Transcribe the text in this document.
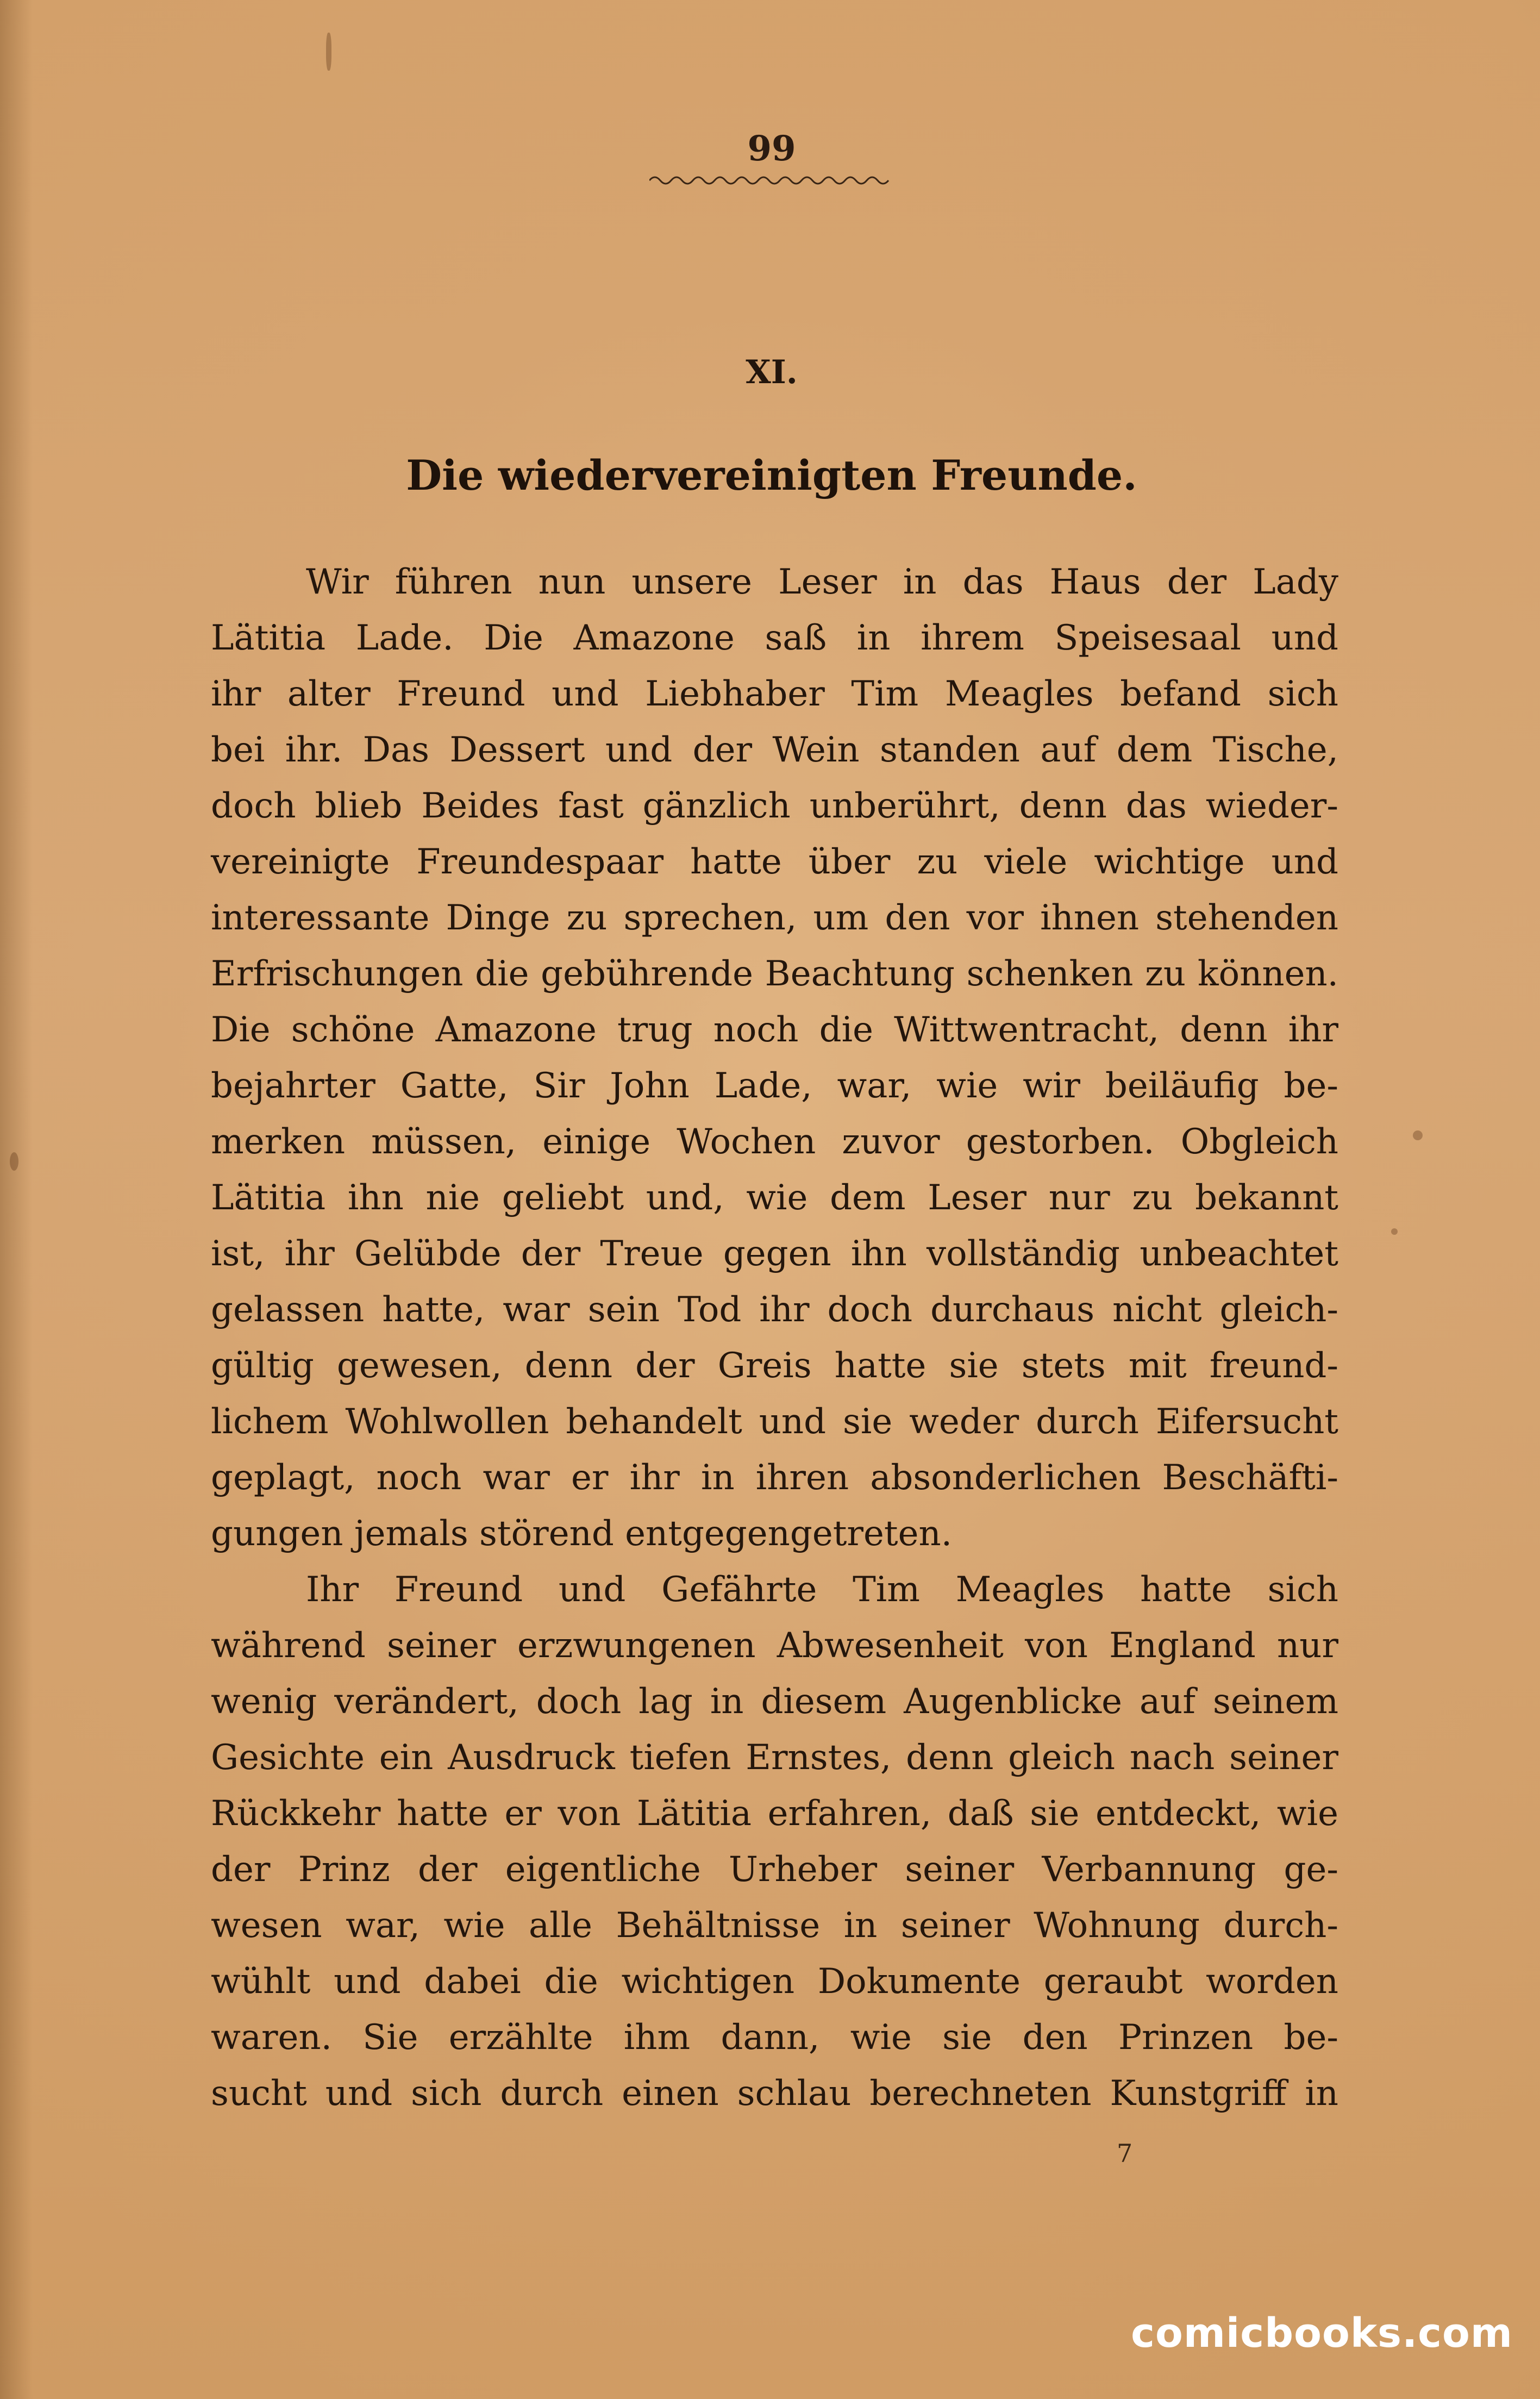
99
XI.
Die wiedervereinigten Freunde.
Wir führen nun unsere Leser in das Haus der Lady
Lätitia Lade. Die Amazone saß in ihrem Speisesaal und
ihr alter Freund und Liebhaber Tim Meagles befand sich
bei ihr. Das Dessert und der Wein standen auf dem Tische,
doch blieb Beides fast gänzlich unberührt, denn das wieder-
vereinigte Freundespaar hatte über zu viele wichtige und
interessante Dinge zu sprechen, um den vor ihnen stehenden
Erfrischungen die gebührende Beachtung schenken zu können.
Die schöne Amazone trug noch die Wittwentracht, denn ihr
bejahrter Gatte, Sir John Lade, war, wie wir beiläufig be-
merken müssen, einige Wochen zuvor gestorben. Obgleich
Lätitia ihn nie geliebt und, wie dem Leser nur zu bekannt
ist, ihr Gelübde der Treue gegen ihn vollständig unbeachtet
gelassen hatte, war sein Tod ihr doch durchaus nicht gleich-
gültig gewesen, denn der Greis hatte sie stets mit freund-
lichem Wohlwollen behandelt und sie weder durch Eifersucht
geplagt, noch war er ihr in ihren absonderlichen Beschäfti-
gungen jemals störend entgegengetreten.
Ihr Freund und Gefährte Tim Meagles hatte sich
während seiner erzwungenen Abwesenheit von England nur
wenig verändert, doch lag in diesem Augenblicke auf seinem
Gesichte ein Ausdruck tiefen Ernstes, denn gleich nach seiner
Rückkehr hatte er von Lätitia erfahren, daß sie entdeckt, wie
der Prinz der eigentliche Urheber seiner Verbannung ge-
wesen war, wie alle Behältnisse in seiner Wohnung durch-
wühlt und dabei die wichtigen Dokumente geraubt worden
waren. Sie erzählte ihm dann, wie sie den Prinzen be-
sucht und sich durch einen schlau berechneten Kunstgriff in
7
comicbooks.com
